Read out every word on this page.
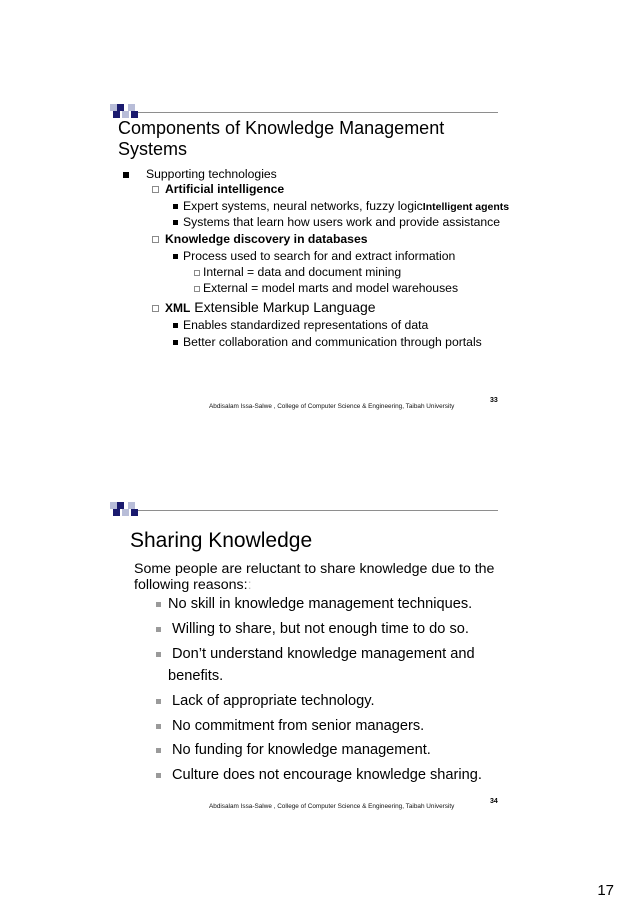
Components of Knowledge Management Systems
Supporting technologies
Artificial intelligence
Expert systems, neural networks, fuzzy logicIntelligent agents
Systems that learn how users work and provide assistance
Knowledge discovery in databases
Process used to search for and extract information
Internal = data and document mining
External = model marts and model warehouses
XML Extensible Markup Language
Enables standardized representations of data
Better collaboration and communication through portals
33
Abdisalam Issa-Salwe , College of Computer Science & Engineering, Taibah University
Sharing Knowledge
Some people are reluctant to share knowledge due to the following reasons::
No skill in knowledge management techniques.
Willing to share, but not enough time to do so.
Don’t understand knowledge management and
benefits.
Lack of appropriate technology.
No commitment from senior managers.
No funding for knowledge management.
Culture does not encourage knowledge sharing.
34
Abdisalam Issa-Salwe , College of Computer Science & Engineering, Taibah University
17
